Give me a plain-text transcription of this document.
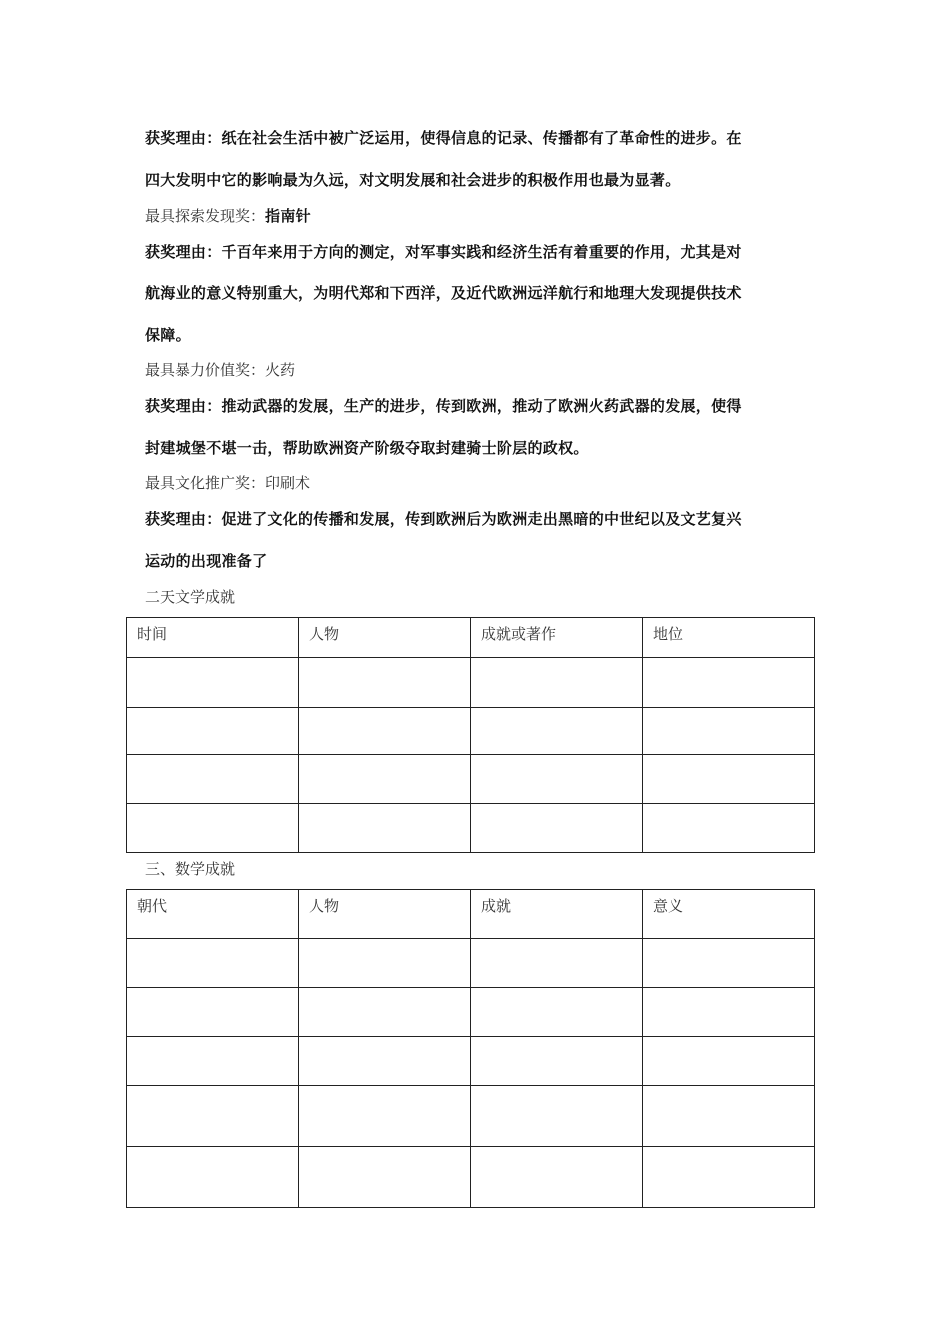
获奖理由：纸在社会生活中被广泛运用，使得信息的记录、传播都有了革命性的进步。在
四大发明中它的影响最为久远，对文明发展和社会进步的积极作用也最为显著。
最具探索发现奖：指南针
获奖理由：千百年来用于方向的测定，对军事实践和经济生活有着重要的作用，尤其是对
航海业的意义特别重大，为明代郑和下西洋，及近代欧洲远洋航行和地理大发现提供技术
保障。
最具暴力价值奖：火药
获奖理由：推动武器的发展，生产的进步，传到欧洲，推动了欧洲火药武器的发展，使得
封建城堡不堪一击，帮助欧洲资产阶级夺取封建骑士阶层的政权。
最具文化推广奖：印刷术
获奖理由：促进了文化的传播和发展，传到欧洲后为欧洲走出黑暗的中世纪以及文艺复兴
运动的出现准备了
二天文学成就
时间	人物	成就或著作	地位

三、数学成就
朝代	人物	成就	意义
